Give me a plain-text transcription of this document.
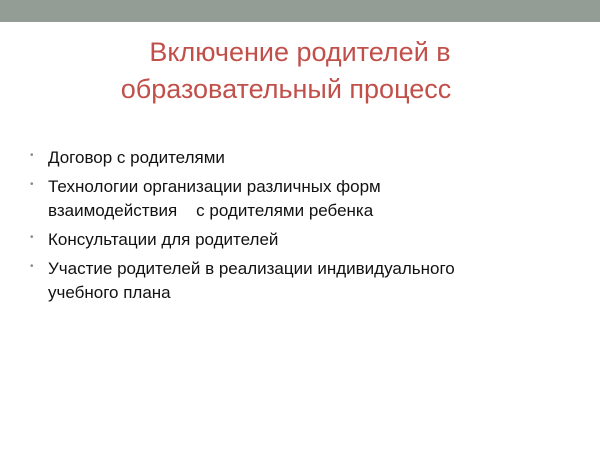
Включение родителей в
образовательный процесс
• Договор с родителями
• Технологии организации различных форм
взаимодействия    с родителями ребенка
• Консультации для родителей
• Участие родителей в реализации индивидуального
учебного плана
